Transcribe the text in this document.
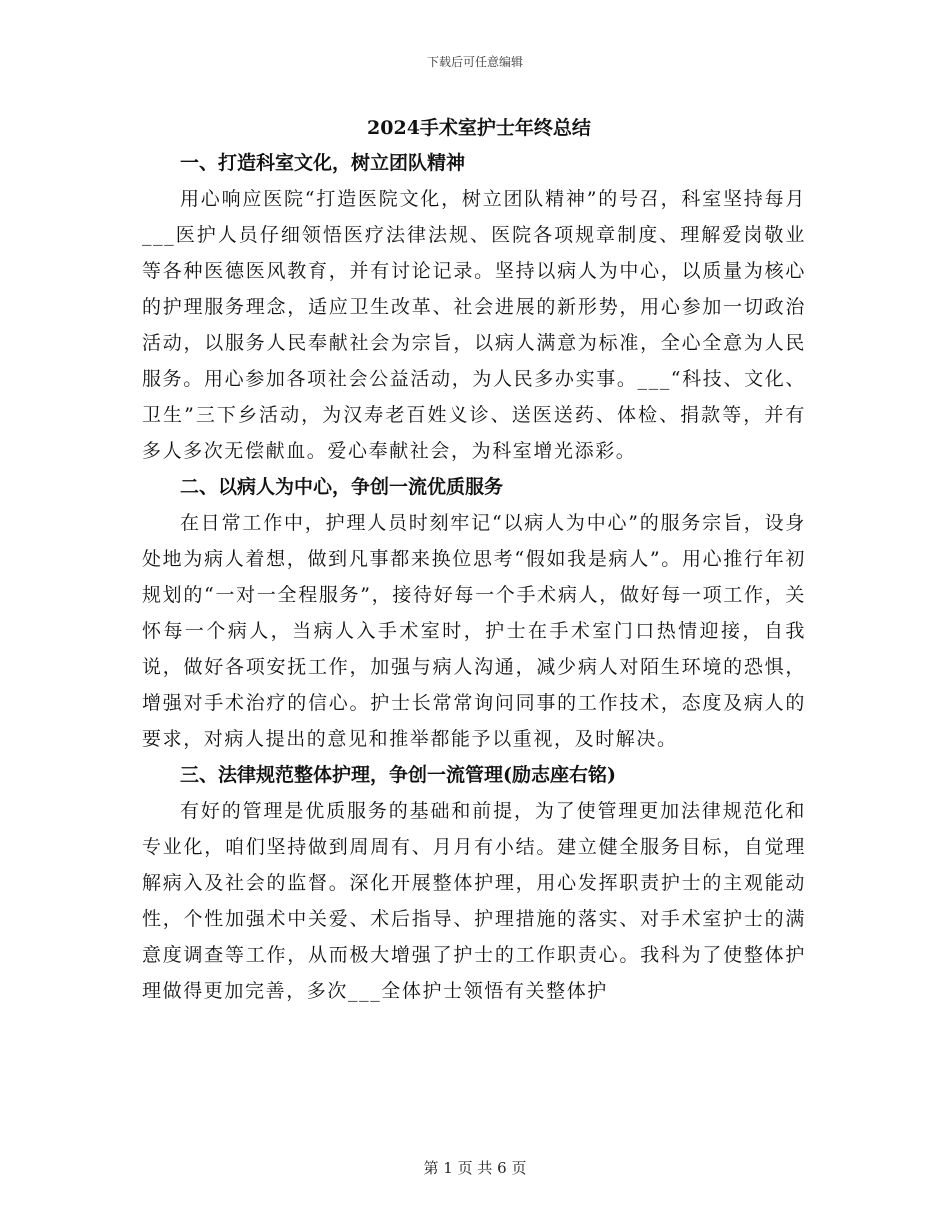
下载后可任意编辑
2024手术室护士年终总结
一、打造科室文化，树立团队精神

用心响应医院“打造医院文化，树立团队精神”的号召，科室坚持每月___医护人员仔细领悟医疗法律法规、医院各项规章制度、理解爱岗敬业等各种医德医风教育，并有讨论记录。坚持以病人为中心，以质量为核心的护理服务理念，适应卫生改革、社会进展的新形势，用心参加一切政治活动，以服务人民奉献社会为宗旨，以病人满意为标准，全心全意为人民服务。用心参加各项社会公益活动，为人民多办实事。___“科技、文化、卫生”三下乡活动，为汉寿老百姓义诊、送医送药、体检、捐款等，并有多人多次无偿献血。爱心奉献社会，为科室增光添彩。

二、以病人为中心，争创一流优质服务

在日常工作中，护理人员时刻牢记“以病人为中心”的服务宗旨，设身处地为病人着想，做到凡事都来换位思考“假如我是病人”。用心推行年初规划的“一对一全程服务”，接待好每一个手术病人，做好每一项工作，关怀每一个病人，当病人入手术室时，护士在手术室门口热情迎接，自我说，做好各项安抚工作，加强与病人沟通，减少病人对陌生环境的恐惧，增强对手术治疗的信心。护士长常常询问同事的工作技术，态度及病人的要求，对病人提出的意见和推举都能予以重视，及时解决。

三、法律规范整体护理，争创一流管理(励志座右铭)

有好的管理是优质服务的基础和前提，为了使管理更加法律规范化和专业化，咱们坚持做到周周有、月月有小结。建立健全服务目标，自觉理解病入及社会的监督。深化开展整体护理，用心发挥职责护士的主观能动性，个性加强术中关爱、术后指导、护理措施的落实、对手术室护士的满意度调查等工作，从而极大增强了护士的工作职责心。我科为了使整体护理做得更加完善，多次___全体护士领悟有关整体护

第 1 页 共 6 页
